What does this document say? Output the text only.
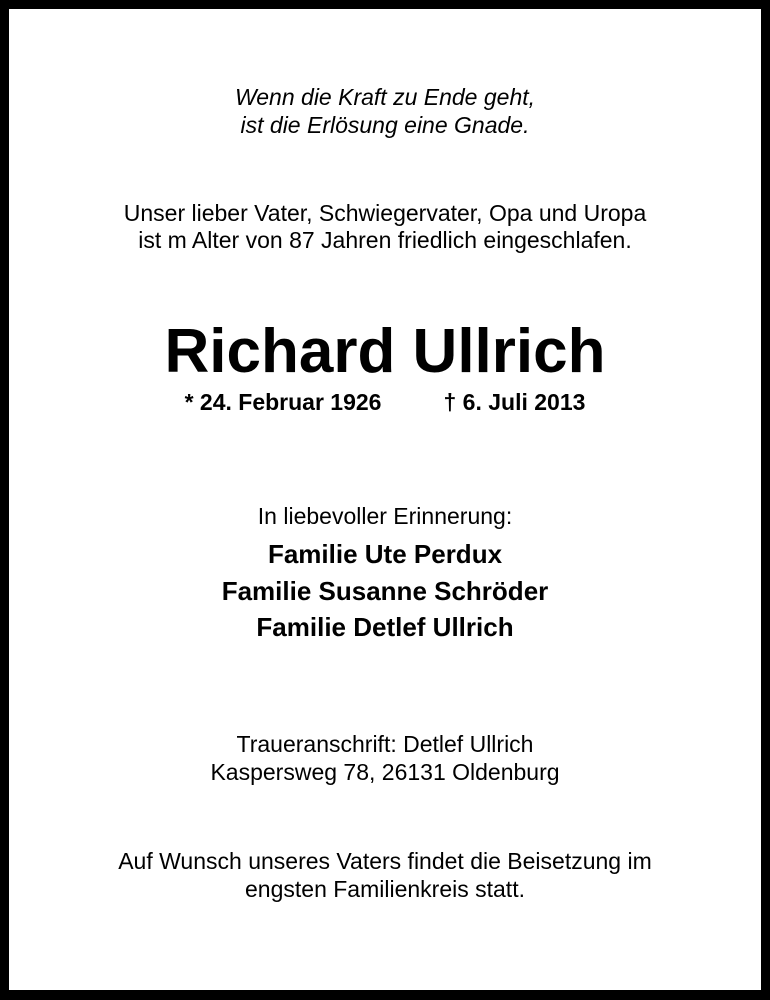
Wenn die Kraft zu Ende geht,
ist die Erlösung eine Gnade.
Unser lieber Vater, Schwiegervater, Opa und Uropa
ist m Alter von 87 Jahren friedlich eingeschlafen.
Richard Ullrich
* 24. Februar 1926	† 6. Juli 2013
In liebevoller Erinnerung:
Familie Ute Perdux
Familie Susanne Schröder
Familie Detlef Ullrich
Traueranschrift: Detlef Ullrich
Kaspersweg 78, 26131 Oldenburg
Auf Wunsch unseres Vaters findet die Beisetzung im
engsten Familienkreis statt.
